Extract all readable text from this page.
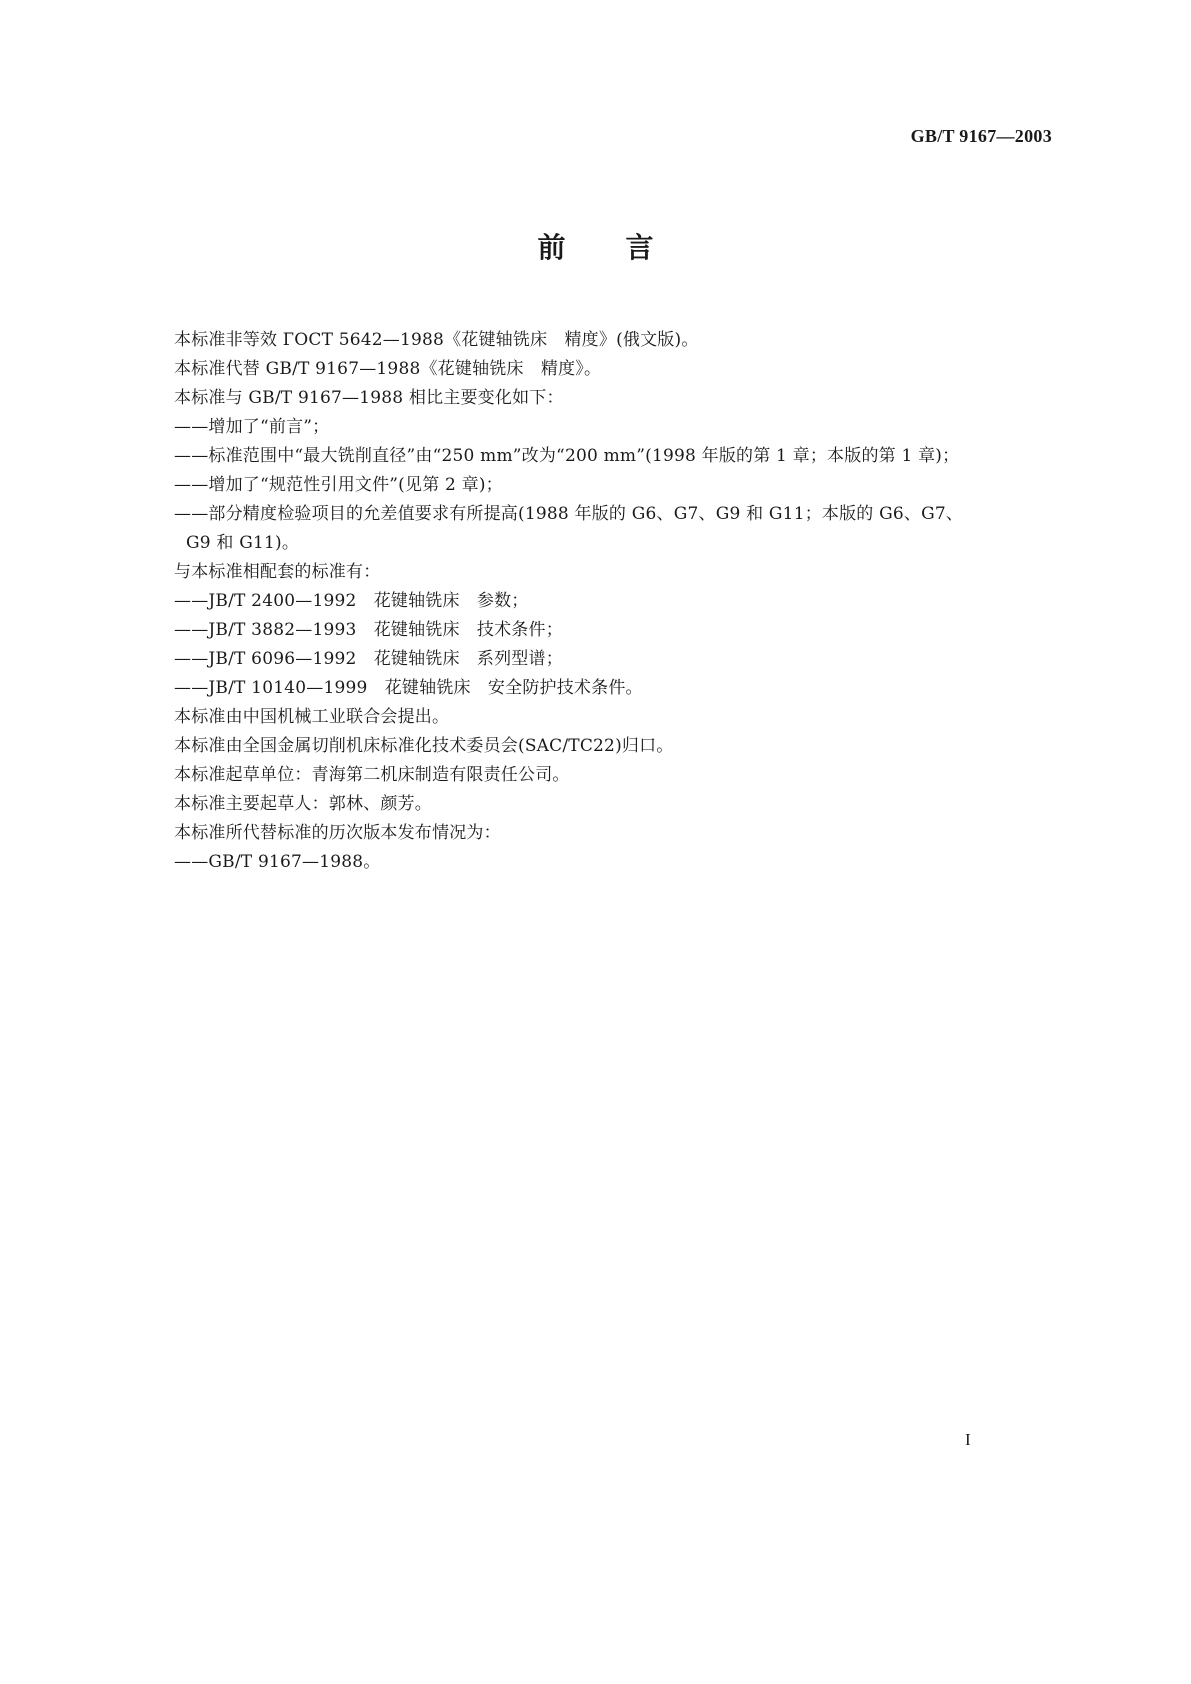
GB/T 9167—2003
前言
本标准非等效 ГОСТ 5642—1988《花键轴铣床　精度》(俄文版)。
本标准代替 GB/T 9167—1988《花键轴铣床　精度》。
本标准与 GB/T 9167—1988 相比主要变化如下：
——增加了“前言”；
——标准范围中“最大铣削直径”由“250 mm”改为“200 mm”(1998 年版的第 1 章；本版的第 1 章)；
——增加了“规范性引用文件”(见第 2 章)；
——部分精度检验项目的允差值要求有所提高(1988 年版的 G6、G7、G9 和 G11；本版的 G6、G7、
G9 和 G11)。
与本标准相配套的标准有：
——JB/T 2400—1992　花键轴铣床　参数；
——JB/T 3882—1993　花键轴铣床　技术条件；
——JB/T 6096—1992　花键轴铣床　系列型谱；
——JB/T 10140—1999　花键轴铣床　安全防护技术条件。
本标准由中国机械工业联合会提出。
本标准由全国金属切削机床标准化技术委员会(SAC/TC22)归口。
本标准起草单位：青海第二机床制造有限责任公司。
本标准主要起草人：郭林、颜芳。
本标准所代替标准的历次版本发布情况为：
——GB/T 9167—1988。
I
